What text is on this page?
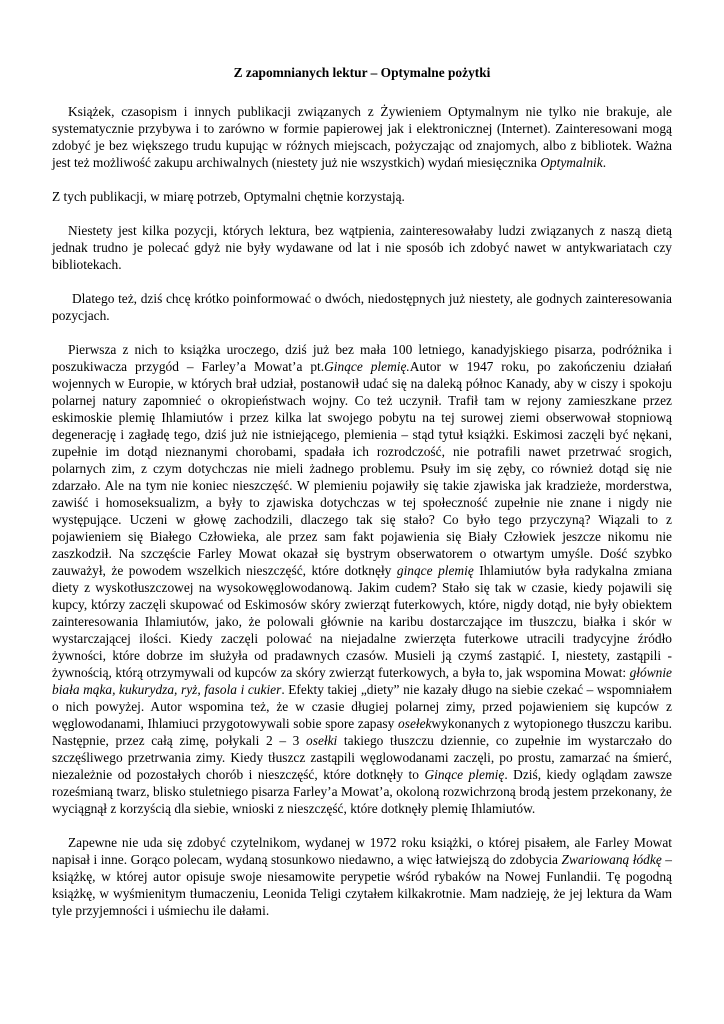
Z zapomnianych lektur – Optymalne pożytki

Książek, czasopism i innych publikacji związanych z Żywieniem Optymalnym nie tylko nie brakuje, ale systematycznie przybywa i to zarówno w formie papierowej jak i elektronicznej (Internet). Zainteresowani mogą zdobyć je bez większego trudu kupując w różnych miejscach, pożyczając od znajomych, albo z bibliotek. Ważna jest też możliwość zakupu archiwalnych (niestety już nie wszystkich) wydań miesięcznika Optymalnik.

Z tych publikacji, w miarę potrzeb, Optymalni chętnie korzystają.

Niestety jest kilka pozycji, których lektura, bez wątpienia, zainteresowałaby ludzi związanych z naszą dietą jednak trudno je polecać gdyż nie były wydawane od lat i nie sposób ich zdobyć nawet w antykwariatach czy bibliotekach.

Dlatego też, dziś chcę krótko poinformować o dwóch, niedostępnych już niestety, ale godnych zainteresowania pozycjach.

Pierwsza z nich to książka uroczego, dziś już bez mała 100 letniego, kanadyjskiego pisarza, podróżnika i poszukiwacza przygód – Farley’a Mowat’a pt.Ginące plemię.Autor w 1947 roku, po zakończeniu działań wojennych w Europie, w których brał udział, postanowił udać się na daleką północ Kanady, aby w ciszy i spokoju polarnej natury zapomnieć o okropieństwach wojny. Co też uczynił. Trafił tam w rejony zamieszkane przez eskimoskie plemię Ihlamiutów i przez kilka lat swojego pobytu na tej surowej ziemi obserwował stopniową degenerację i zagładę tego, dziś już nie istniejącego, plemienia – stąd tytuł książki. Eskimosi zaczęli być nękani, zupełnie im dotąd nieznanymi chorobami, spadała ich rozrodczość, nie potrafili nawet przetrwać srogich, polarnych zim, z czym dotychczas nie mieli żadnego problemu. Psuły im się zęby, co również dotąd się nie zdarzało. Ale na tym nie koniec nieszczęść. W plemieniu pojawiły się takie zjawiska jak kradzieże, morderstwa, zawiść i homoseksualizm, a były to zjawiska dotychczas w tej społeczność zupełnie nie znane i nigdy nie występujące. Uczeni w głowę zachodzili, dlaczego tak się stało? Co było tego przyczyną? Wiązali to z pojawieniem się Białego Człowieka, ale przez sam fakt pojawienia się Biały Człowiek jeszcze nikomu nie zaszkodził. Na szczęście Farley Mowat okazał się bystrym obserwatorem o otwartym umyśle. Dość szybko zauważył, że powodem wszelkich nieszczęść, które dotknęły ginące plemię Ihlamiutów była radykalna zmiana diety z wyskotłuszczowej na wysokowęglowodanową. Jakim cudem? Stało się tak w czasie, kiedy pojawili się kupcy, którzy zaczęli skupować od Eskimosów skóry zwierząt futerkowych, które, nigdy dotąd, nie były obiektem zainteresowania Ihlamiutów, jako, że polowali głównie na karibu dostarczające im tłuszczu, białka i skór w wystarczającej ilości. Kiedy zaczęli polować na niejadalne zwierzęta futerkowe utracili tradycyjne źródło żywności, które dobrze im służyła od pradawnych czasów. Musieli ją czymś zastąpić. I, niestety, zastąpili - żywnością, którą otrzymywali od kupców za skóry zwierząt futerkowych, a była to, jak wspomina Mowat: głównie biała mąka, kukurydza, ryż, fasola i cukier. Efekty takiej „diety” nie kazały długo na siebie czekać – wspomniałem o nich powyżej. Autor wspomina też, że w czasie długiej polarnej zimy, przed pojawieniem się kupców z węglowodanami, Ihlamiuci przygotowywali sobie spore zapasy osełekwykonanych z wytopionego tłuszczu karibu. Następnie, przez całą zimę, połykali 2 – 3 osełki takiego tłuszczu dziennie, co zupełnie im wystarczało do szczęśliwego przetrwania zimy. Kiedy tłuszcz zastąpili węglowodanami zaczęli, po prostu, zamarzać na śmierć, niezależnie od pozostałych chorób i nieszczęść, które dotknęły to Ginące plemię. Dziś, kiedy oglądam zawsze roześmianą twarz, blisko stuletniego pisarza Farley’a Mowat’a, okoloną rozwichrzoną brodą jestem przekonany, że wyciągnął z korzyścią dla siebie, wnioski z nieszczęść, które dotknęły plemię Ihlamiutów.

Zapewne nie uda się zdobyć czytelnikom, wydanej w 1972 roku książki, o której pisałem, ale Farley Mowat napisał i inne. Gorąco polecam, wydaną stosunkowo niedawno, a więc łatwiejszą do zdobycia Zwariowaną łódkę – książkę, w której autor opisuje swoje niesamowite perypetie wśród rybaków na Nowej Funlandii. Tę pogodną książkę, w wyśmienitym tłumaczeniu, Leonida Teligi czytałem kilkakrotnie. Mam nadzieję, że jej lektura da Wam tyle przyjemności i uśmiechu ile dałami.
